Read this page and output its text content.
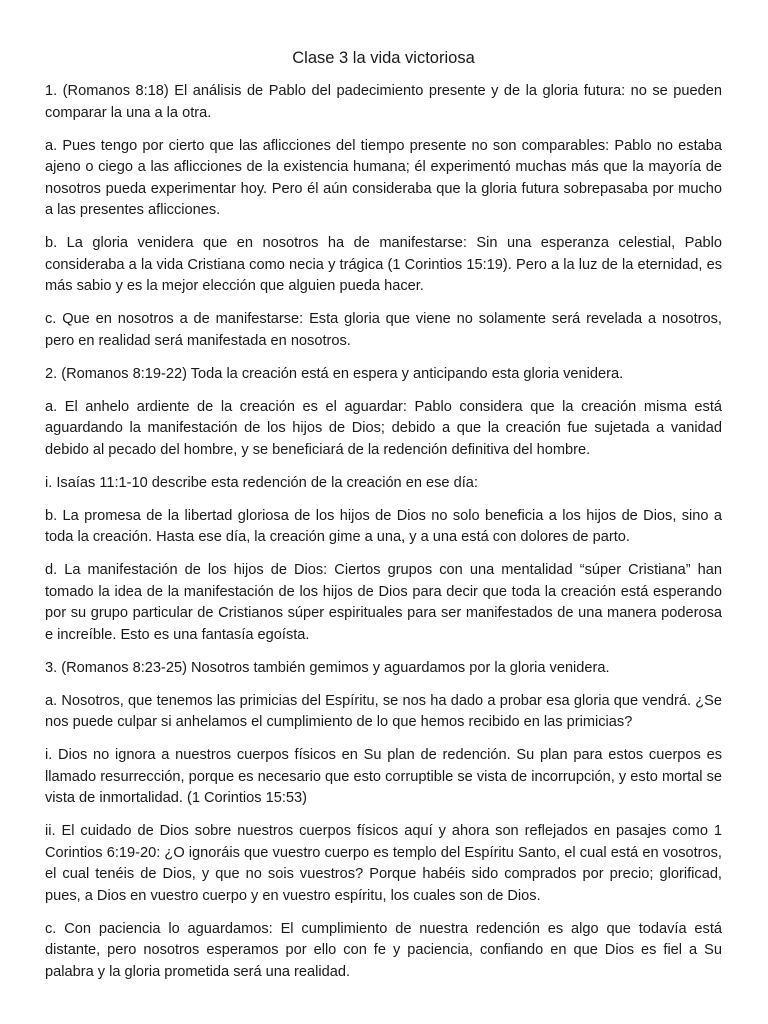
Clase 3 la vida victoriosa

1. (Romanos 8:18) El análisis de Pablo del padecimiento presente y de la gloria futura: no se pueden comparar la una a la otra.

a. Pues tengo por cierto que las aflicciones del tiempo presente no son comparables: Pablo no estaba ajeno o ciego a las aflicciones de la existencia humana; él experimentó muchas más que la mayoría de nosotros pueda experimentar hoy. Pero él aún consideraba que la gloria futura sobrepasaba por mucho a las presentes aflicciones.

b. La gloria venidera que en nosotros ha de manifestarse: Sin una esperanza celestial, Pablo consideraba a la vida Cristiana como necia y trágica (1 Corintios 15:19). Pero a la luz de la eternidad, es más sabio y es la mejor elección que alguien pueda hacer.

c. Que en nosotros a de manifestarse: Esta gloria que viene no solamente será revelada a nosotros, pero en realidad será manifestada en nosotros.

2. (Romanos 8:19-22) Toda la creación está en espera y anticipando esta gloria venidera.

a. El anhelo ardiente de la creación es el aguardar: Pablo considera que la creación misma está aguardando la manifestación de los hijos de Dios; debido a que la creación fue sujetada a vanidad debido al pecado del hombre, y se beneficiará de la redención definitiva del hombre.

i. Isaías 11:1-10 describe esta redención de la creación en ese día:

b. La promesa de la libertad gloriosa de los hijos de Dios no solo beneficia a los hijos de Dios, sino a toda la creación. Hasta ese día, la creación gime a una, y a una está con dolores de parto.

d. La manifestación de los hijos de Dios: Ciertos grupos con una mentalidad “súper Cristiana” han tomado la idea de la manifestación de los hijos de Dios para decir que toda la creación está esperando por su grupo particular de Cristianos súper espirituales para ser manifestados de una manera poderosa e increíble. Esto es una fantasía egoísta.

3. (Romanos 8:23-25) Nosotros también gemimos y aguardamos por la gloria venidera.

a. Nosotros, que tenemos las primicias del Espíritu, se nos ha dado a probar esa gloria que vendrá. ¿Se nos puede culpar si anhelamos el cumplimiento de lo que hemos recibido en las primicias?

i. Dios no ignora a nuestros cuerpos físicos en Su plan de redención. Su plan para estos cuerpos es llamado resurrección, porque es necesario que esto corruptible se vista de incorrupción, y esto mortal se vista de inmortalidad. (1 Corintios 15:53)

ii. El cuidado de Dios sobre nuestros cuerpos físicos aquí y ahora son reflejados en pasajes como 1 Corintios 6:19-20: ¿O ignoráis que vuestro cuerpo es templo del Espíritu Santo, el cual está en vosotros, el cual tenéis de Dios, y que no sois vuestros? Porque habéis sido comprados por precio; glorificad, pues, a Dios en vuestro cuerpo y en vuestro espíritu, los cuales son de Dios.

c. Con paciencia lo aguardamos: El cumplimiento de nuestra redención es algo que todavía está distante, pero nosotros esperamos por ello con fe y paciencia, confiando en que Dios es fiel a Su palabra y la gloria prometida será una realidad.
